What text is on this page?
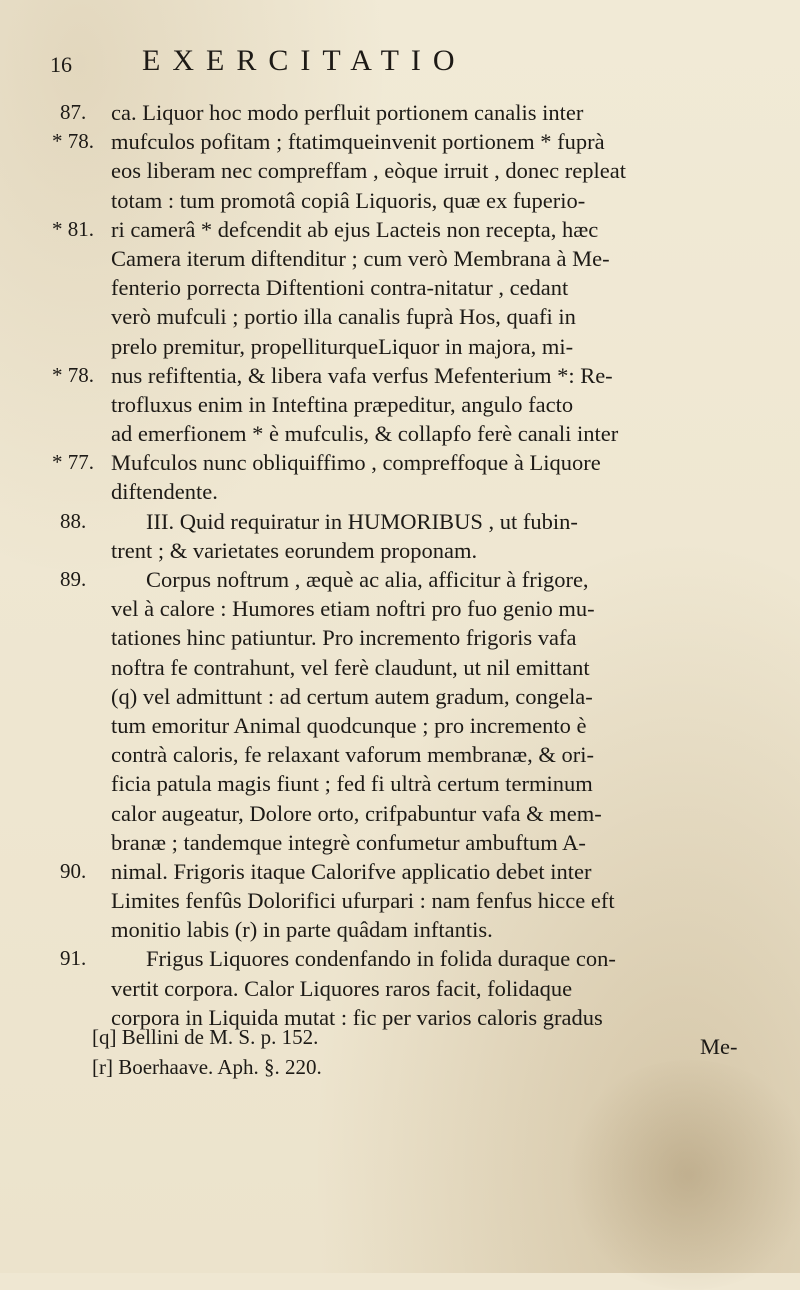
16 EXERCITATIO
87. ca. Liquor hoc modo perfluit portionem canalis inter
* 78. mufculos pofitam ; ftatimqueinvenit portionem * fuprà
eos liberam nec compreffam , eòque irruit , donec repleat
totam : tum promotâ copiâ Liquoris, quæ ex fuperio-
* 81. ri camerâ * defcendit ab ejus Lacteis non recepta, hæc
Camera iterum diftenditur ; cum verò Membrana à Me-
fenterio porrecta Diftentioni contra-nitatur , cedant
verò mufculi ; portio illa canalis fuprà Hos, quafi in
prelo premitur, propelliturqueLiquor in majora, mi-
* 78. nus refiftentia, & libera vafa verfus Mefenterium *: Re-
trofluxus enim in Inteftina præpeditur, angulo facto
ad emerfionem * è mufculis, & collapfo ferè canali inter
* 77. Mufculos nunc obliquiffimo , compreffoque à Liquore
diftendente.
88.	III. Quid requiratur in HUMORIBUS , ut fubin-
trent ; & varietates eorundem proponam.
89.	Corpus noftrum , æquè ac alia, afficitur à frigore,
vel à calore : Humores etiam noftri pro fuo genio mu-
tationes hinc patiuntur. Pro incremento frigoris vafa
noftra fe contrahunt, vel ferè claudunt, ut nil emittant
(q) vel admittunt : ad certum autem gradum, congela-
tum emoritur Animal quodcunque ; pro incremento è
contrà caloris, fe relaxant vaforum membranæ, & ori-
ficia patula magis fiunt ; fed fi ultrà certum terminum
calor augeatur, Dolore orto, crifpabuntur vafa & mem-
branæ ; tandemque integrè confumetur ambuftum A-
90. nimal. Frigoris itaque Calorifve applicatio debet inter
Limites fenfûs Dolorifici ufurpari : nam fenfus hicce eft
monitio labis (r) in parte quâdam inftantis.
91.	Frigus Liquores condenfando in folida duraque con-
vertit corpora. Calor Liquores raros facit, folidaque
corpora in Liquida mutat : fic per varios caloris gradus
Me-
[q] Bellini de M. S. p. 152.
[r] Boerhaave. Aph. §. 220.
